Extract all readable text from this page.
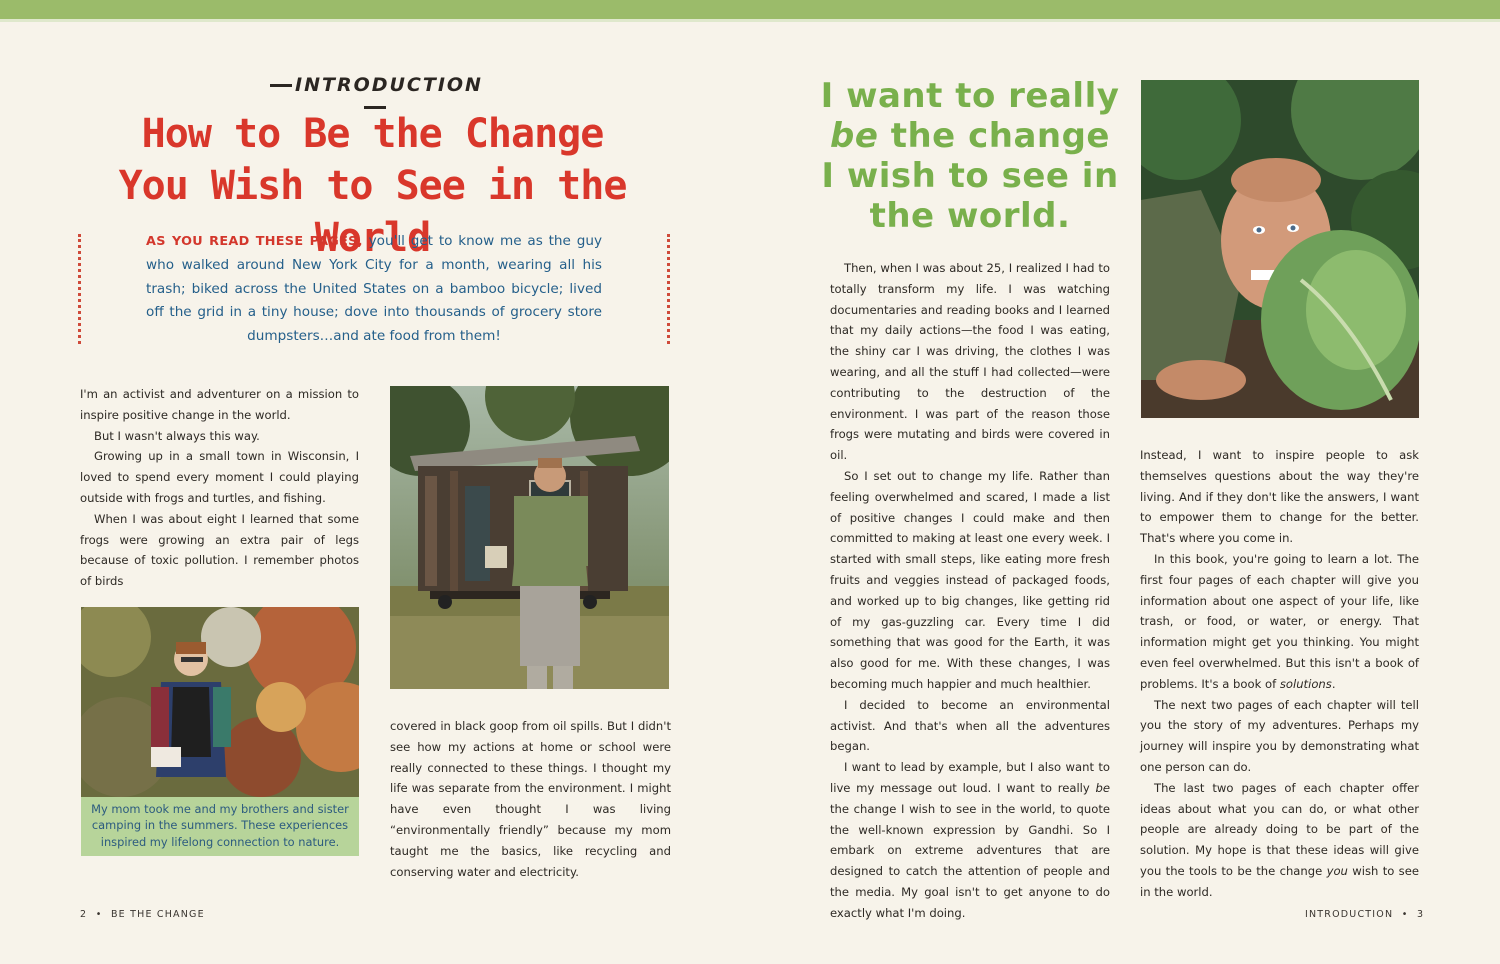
INTRODUCTION
How to Be the Change
You Wish to See in the World
AS YOU READ THESE PAGES, you'll get to know me as the guy who walked around New York City for a month, wearing all his trash; biked across the United States on a bamboo bicycle; lived off the grid in a tiny house; dove into thousands of grocery store dumpsters…and ate food from them!

I'm an activist and adventurer on a mission to inspire positive change in the world.

But I wasn't always this way.

Growing up in a small town in Wisconsin, I loved to spend every moment I could playing outside with frogs and turtles, and fishing.

When I was about eight I learned that some frogs were growing an extra pair of legs because of toxic pollution. I remember photos of birds

My mom took me and my brothers and sister camping in the summers. These experiences inspired my lifelong connection to nature.

covered in black goop from oil spills. But I didn't see how my actions at home or school were really connected to these things. I thought my life was separate from the environment. I might have even thought I was living “environmentally friendly” because my mom taught me the basics, like recycling and conserving water and electricity.

I want to really
be the change
I wish to see in
the world.

Then, when I was about 25, I realized I had to totally transform my life. I was watching documentaries and reading books and I learned that my daily actions—the food I was eating, the shiny car I was driving, the clothes I was wearing, and all the stuff I had collected—were contributing to the destruction of the environment. I was part of the reason those frogs were mutating and birds were covered in oil.

So I set out to change my life. Rather than feeling overwhelmed and scared, I made a list of positive changes I could make and then committed to making at least one every week. I started with small steps, like eating more fresh fruits and veggies instead of packaged foods, and worked up to big changes, like getting rid of my gas-guzzling car. Every time I did something that was good for the Earth, it was also good for me. With these changes, I was becoming much happier and much healthier.

I decided to become an environmental activist. And that's when all the adventures began.

I want to lead by example, but I also want to live my message out loud. I want to really be the change I wish to see in the world, to quote the well-known expression by Gandhi. So I embark on extreme adventures that are designed to catch the attention of people and the media. My goal isn't to get anyone to do exactly what I'm doing.

Instead, I want to inspire people to ask themselves questions about the way they're living. And if they don't like the answers, I want to empower them to change for the better. That's where you come in.

In this book, you're going to learn a lot. The first four pages of each chapter will give you information about one aspect of your life, like trash, or food, or water, or energy. That information might get you thinking. You might even feel overwhelmed. But this isn't a book of problems. It's a book of solutions.

The next two pages of each chapter will tell you the story of my adventures. Perhaps my journey will inspire you by demonstrating what one person can do.

The last two pages of each chapter offer ideas about what you can do, or what other people are already doing to be part of the solution. My hope is that these ideas will give you the tools to be the change you wish to see in the world.

2  •  BE THE CHANGE	INTRODUCTION  •  3
